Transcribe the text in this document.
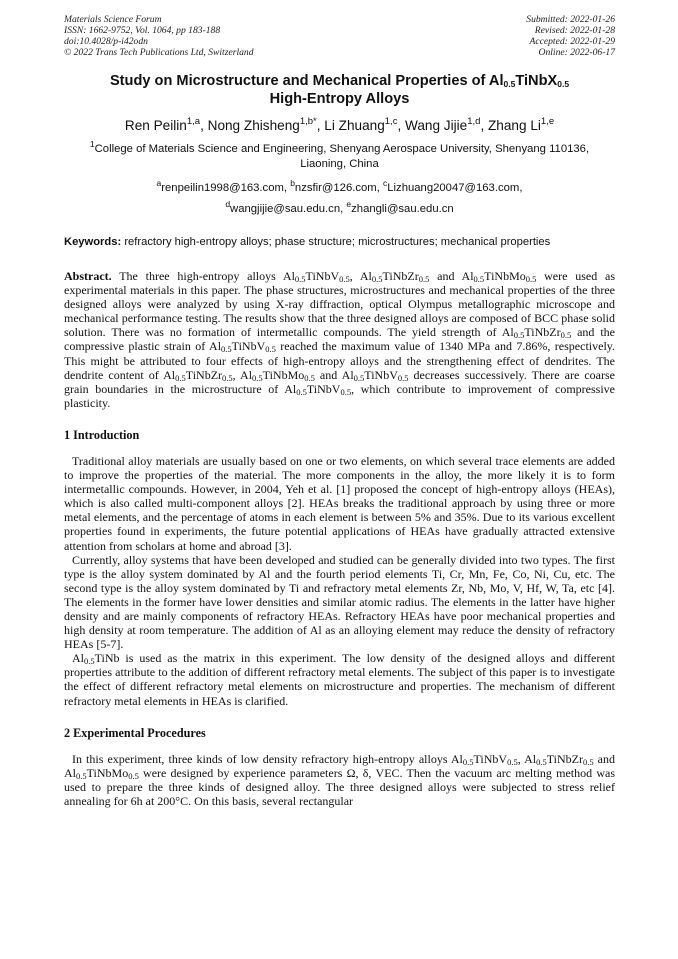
Materials Science Forum
ISSN: 1662-9752, Vol. 1064, pp 183-188
doi:10.4028/p-i42odn
© 2022 Trans Tech Publications Ltd, Switzerland
Submitted: 2022-01-26
Revised: 2022-01-28
Accepted: 2022-01-29
Online: 2022-06-17
Study on Microstructure and Mechanical Properties of $Al_{0.5}TiNbX_{0.5}$
High-Entropy Alloys
Ren Peilin$^{1,a}$, Nong Zhisheng$^{1,b*}$, Li Zhuang$^{1,c}$, Wang Jijie$^{1,d}$, Zhang Li$^{1,e}$
$^1$College of Materials Science and Engineering, Shenyang Aerospace University, Shenyang 110136, Liaoning, China
$^a$renpeilin1998@163.com, $^b$nzsfir@126.com, $^c$Lizhuang20047@163.com,
$^d$wangjijie@sau.edu.cn, $^e$zhangli@sau.edu.cn
Keywords: refractory high-entropy alloys; phase structure; microstructures; mechanical properties
Abstract. The three high-entropy alloys $Al_{0.5}TiNbV_{0.5}$, $Al_{0.5}TiNbZr_{0.5}$ and $Al_{0.5}TiNbMo_{0.5}$ were used as experimental materials in this paper. The phase structures, microstructures and mechanical properties of the three designed alloys were analyzed by using X-ray diffraction, optical Olympus metallographic microscope and mechanical performance testing. The results show that the three designed alloys are composed of BCC phase solid solution. There was no formation of intermetallic compounds. The yield strength of $Al_{0.5}TiNbZr_{0.5}$ and the compressive plastic strain of $Al_{0.5}TiNbV_{0.5}$ reached the maximum value of 1340 MPa and 7.86%, respectively. This might be attributed to four effects of high-entropy alloys and the strengthening effect of dendrites. The dendrite content of $Al_{0.5}TiNbZr_{0.5}$, $Al_{0.5}TiNbMo_{0.5}$ and $Al_{0.5}TiNbV_{0.5}$ decreases successively. There are coarse grain boundaries in the microstructure of $Al_{0.5}TiNbV_{0.5}$, which contribute to improvement of compressive plasticity.
1 Introduction

Traditional alloy materials are usually based on one or two elements, on which several trace elements are added to improve the properties of the material. The more components in the alloy, the more likely it is to form intermetallic compounds. However, in 2004, Yeh et al. [1] proposed the concept of high-entropy alloys (HEAs), which is also called multi-component alloys [2]. HEAs breaks the traditional approach by using three or more metal elements, and the percentage of atoms in each element is between 5% and 35%. Due to its various excellent properties found in experiments, the future potential applications of HEAs have gradually attracted extensive attention from scholars at home and abroad [3].

Currently, alloy systems that have been developed and studied can be generally divided into two types. The first type is the alloy system dominated by Al and the fourth period elements Ti, Cr, Mn, Fe, Co, Ni, Cu, etc. The second type is the alloy system dominated by Ti and refractory metal elements Zr, Nb, Mo, V, Hf, W, Ta, etc [4]. The elements in the former have lower densities and similar atomic radius. The elements in the latter have higher density and are mainly components of refractory HEAs. Refractory HEAs have poor mechanical properties and high density at room temperature. The addition of Al as an alloying element may reduce the density of refractory HEAs [5-7].

$Al_{0.5}TiNb$ is used as the matrix in this experiment. The low density of the designed alloys and different properties attribute to the addition of different refractory metal elements. The subject of this paper is to investigate the effect of different refractory metal elements on microstructure and properties. The mechanism of different refractory metal elements in HEAs is clarified.

2 Experimental Procedures

In this experiment, three kinds of low density refractory high-entropy alloys $Al_{0.5}TiNbV_{0.5}$, $Al_{0.5}TiNbZr_{0.5}$ and $Al_{0.5}TiNbMo_{0.5}$ were designed by experience parameters Ω, δ, VEC. Then the vacuum arc melting method was used to prepare the three kinds of designed alloy. The three designed alloys were subjected to stress relief annealing for 6h at 200°C. On this basis, several rectangular
